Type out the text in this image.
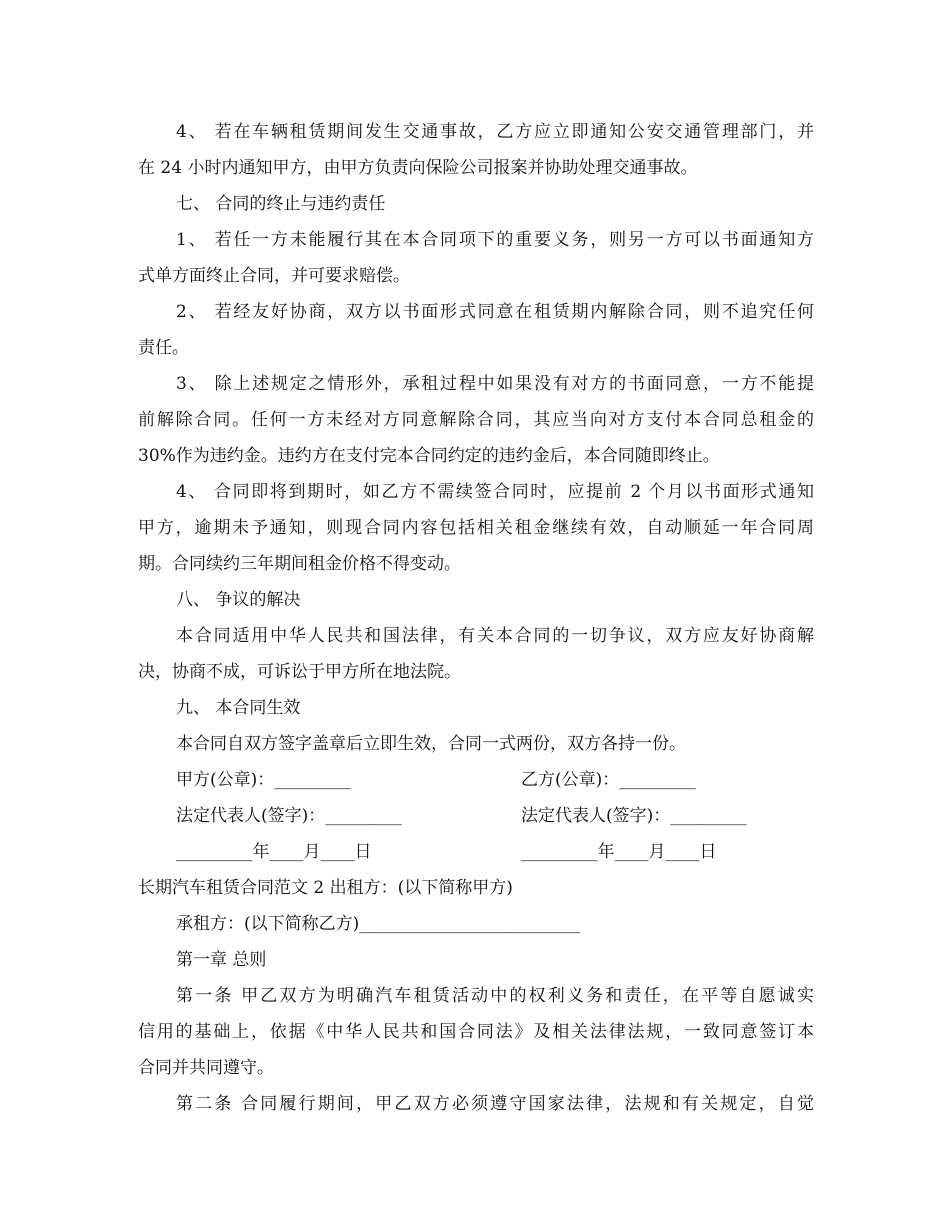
4、 若在车辆租赁期间发生交通事故，乙方应立即通知公安交通管理部门，并
在 24 小时内通知甲方，由甲方负责向保险公司报案并协助处理交通事故。
七、 合同的终止与违约责任
1、 若任一方未能履行其在本合同项下的重要义务，则另一方可以书面通知方
式单方面终止合同，并可要求赔偿。
2、 若经友好协商，双方以书面形式同意在租赁期内解除合同，则不追究任何
责任。
3、 除上述规定之情形外，承租过程中如果没有对方的书面同意，一方不能提
前解除合同。任何一方未经对方同意解除合同，其应当向对方支付本合同总租金的
30%作为违约金。违约方在支付完本合同约定的违约金后，本合同随即终止。
4、 合同即将到期时，如乙方不需续签合同时，应提前 2 个月以书面形式通知
甲方，逾期未予通知，则现合同内容包括相关租金继续有效，自动顺延一年合同周
期。合同续约三年期间租金价格不得变动。
八、 争议的解决
本合同适用中华人民共和国法律，有关本合同的一切争议，双方应友好协商解
决，协商不成，可诉讼于甲方所在地法院。
九、 本合同生效
本合同自双方签字盖章后立即生效，合同一式两份，双方各持一份。
甲方(公章)：_________	乙方(公章)：_________
法定代表人(签字)：_________	法定代表人(签字)：_________
_________年____月____日	_________年____月____日
长期汽车租赁合同范文 2 出租方：(以下简称甲方)
承租方：(以下简称乙方)__________________________
第一章 总则
第一条 甲乙双方为明确汽车租赁活动中的权利义务和责任，在平等自愿诚实
信用的基础上，依据《中华人民共和国合同法》及相关法律法规，一致同意签订本
合同并共同遵守。
第二条 合同履行期间，甲乙双方必须遵守国家法律，法规和有关规定，自觉
